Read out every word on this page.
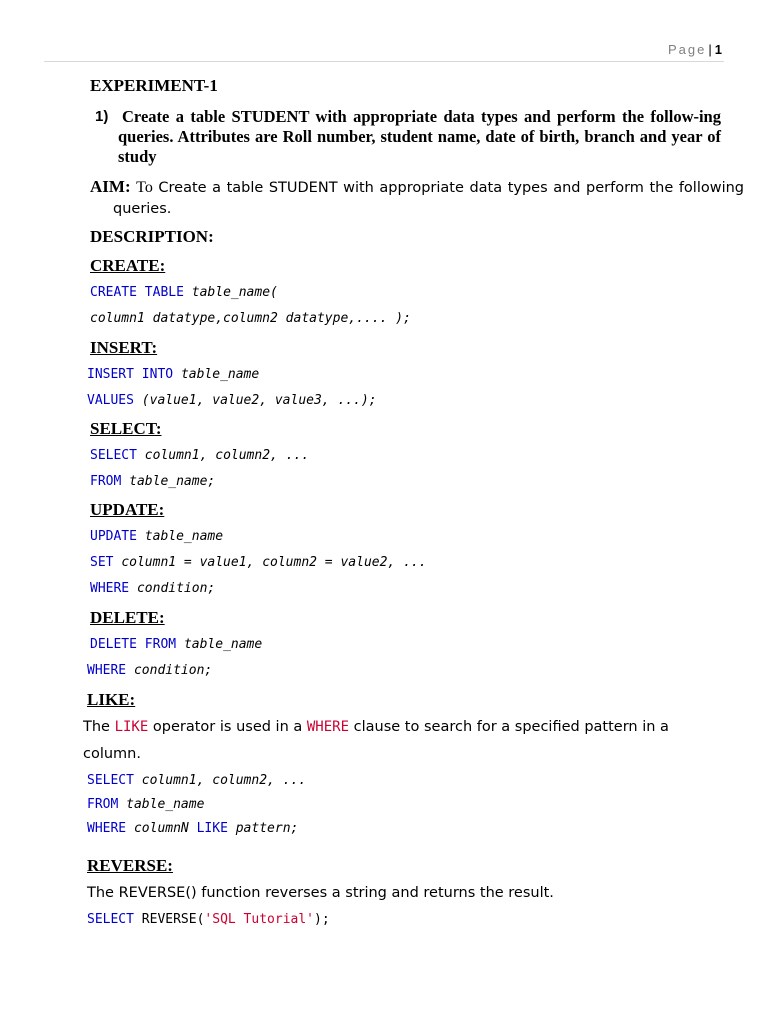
Page | 1
EXPERIMENT-1
1) Create a table STUDENT with appropriate data types and perform the follow-ing queries. Attributes are Roll number, student name, date of birth, branch and year of study
AIM: To Create a table STUDENT with appropriate data types and perform the following queries.
DESCRIPTION:
CREATE:
CREATE TABLE table_name(
column1 datatype,column2 datatype,.... );
INSERT:
INSERT INTO table_name
VALUES (value1, value2, value3, ...);
SELECT:
SELECT column1, column2, ...
FROM table_name;
UPDATE:
UPDATE table_name
SET column1 = value1, column2 = value2, ...
WHERE condition;
DELETE:
DELETE FROM table_name
WHERE condition;
LIKE:
The LIKE operator is used in a WHERE clause to search for a specified pattern in a
column.
SELECT column1, column2, ...
FROM table_name
WHERE columnN LIKE pattern;
REVERSE:
The REVERSE() function reverses a string and returns the result.
SELECT REVERSE('SQL Tutorial');
